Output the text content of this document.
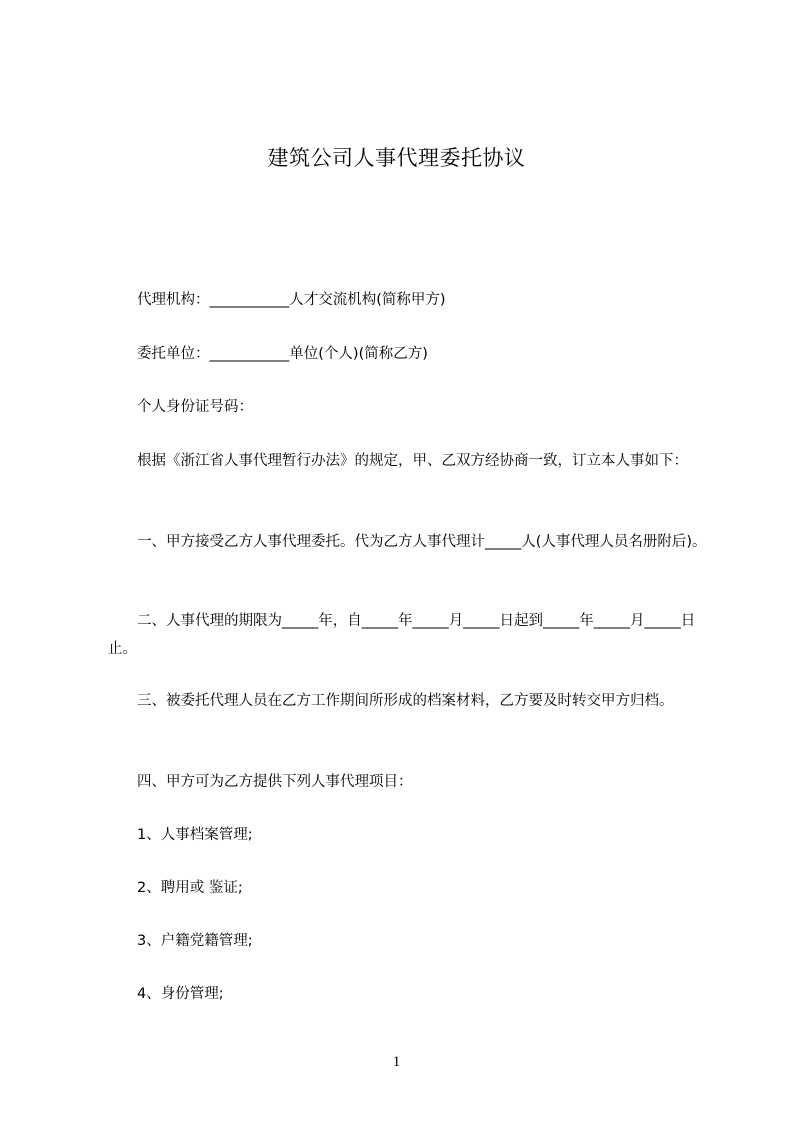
建筑公司人事代理委托协议

代理机构：___________人才交流机构(简称甲方)

委托单位：___________单位(个人)(简称乙方)

个人身份证号码：

根据《浙江省人事代理暂行办法》的规定，甲、乙双方经协商一致，订立本人事如下：

一、甲方接受乙方人事代理委托。代为乙方人事代理计_____人(人事代理人员名册附后)。

二、人事代理的期限为_____年，自_____年_____月_____日起到_____年_____月_____日止。

三、被委托代理人员在乙方工作期间所形成的档案材料，乙方要及时转交甲方归档。

四、甲方可为乙方提供下列人事代理项目：

1、人事档案管理;

2、聘用或 鉴证;

3、户籍党籍管理;

4、身份管理;

1
